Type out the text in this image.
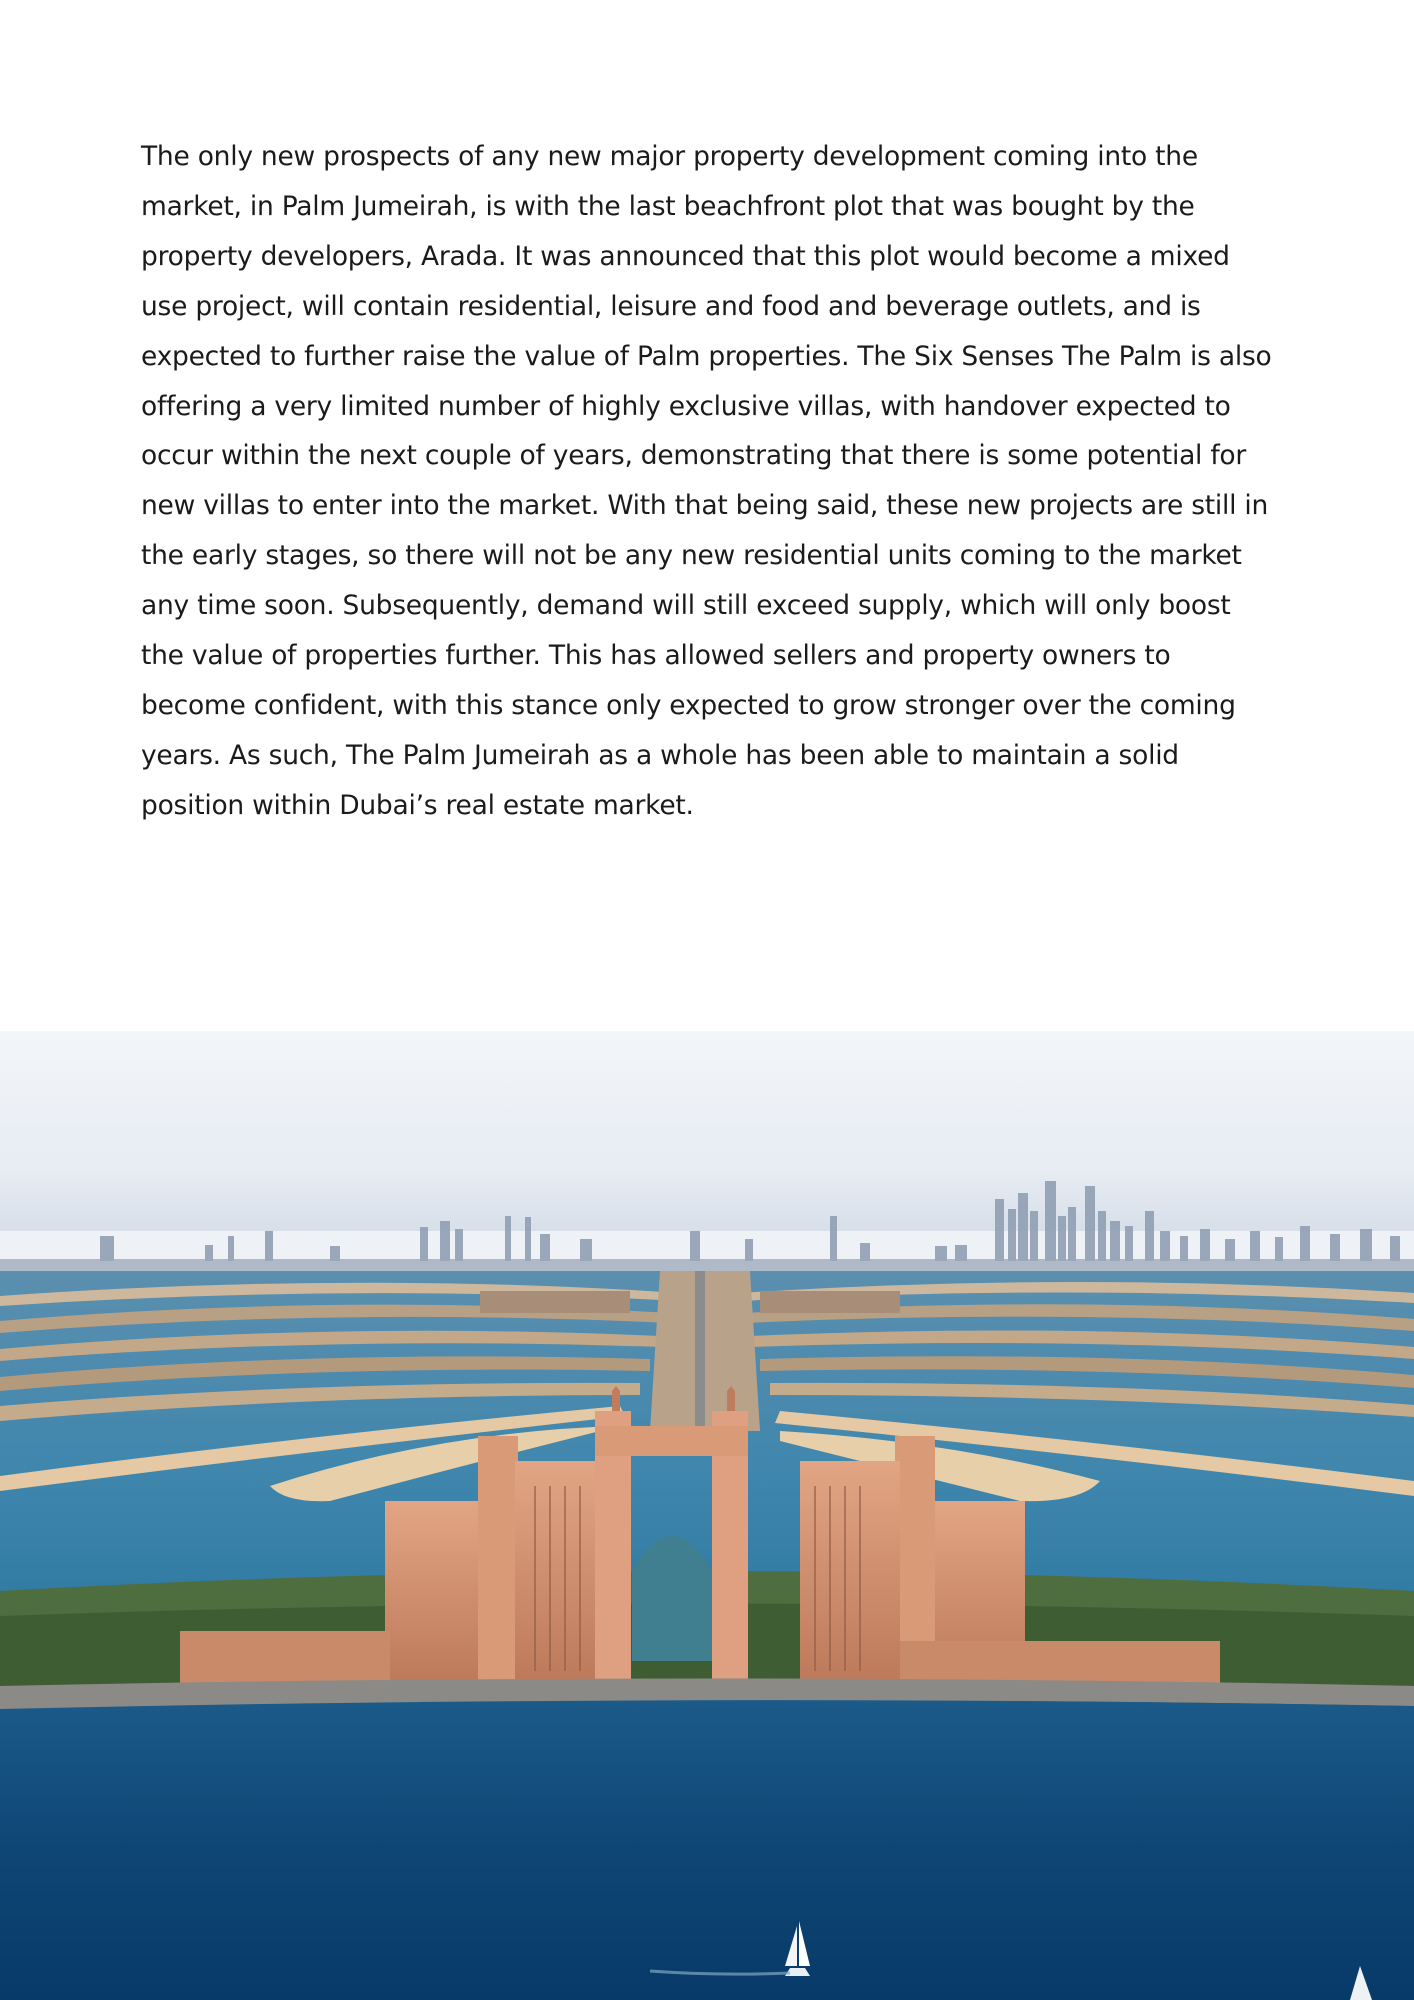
The only new prospects of any new major property development coming into the market, in Palm Jumeirah, is with the last beachfront plot that was bought by the property developers, Arada. It was announced that this plot would become a mixed use project, will contain residential, leisure and food and beverage outlets, and is expected to further raise the value of Palm properties. The Six Senses The Palm is also offering a very limited number of highly exclusive villas, with handover expected to occur within the next couple of years, demonstrating that there is some potential for new villas to enter into the market. With that being said, these new projects are still in the early stages, so there will not be any new residential units coming to the market any time soon. Subsequently, demand will still exceed supply, which will only boost the value of properties further. This has allowed sellers and property owners to become confident, with this stance only expected to grow stronger over the coming years. As such, The Palm Jumeirah as a whole has been able to maintain a solid position within Dubai’s real estate market.
